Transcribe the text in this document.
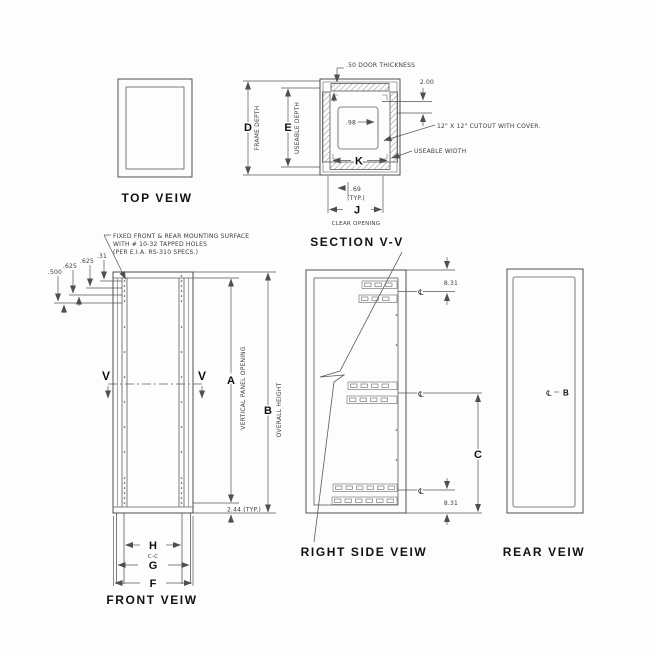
TOP VEIW
D FRAME DEPTH E USEABLE DEPTH
.50 DOOR THICKNESS
2.00
.98	12" X 12" CUTOUT WITH COVER.
USEABLE WIDTH
K
.69
(TYP.)
J
CLEAR OPENING
SECTION V-V
FIXED FRONT & REAR MOUNTING SURFACE
WITH # 10-32 TAPPED HOLES
(PER E.I.A. RS-310 SPECS.)
.500
.625
.625
.31
V	V A VERTICAL PANEL OPENING B OVERALL HEIGHT
2.44 (TYP.)
H
C-C
G
F
FRONT VEIW
℄
℄
℄
8.31
8.31
C
RIGHT SIDE VEIW
℄ B
REAR VEIW
